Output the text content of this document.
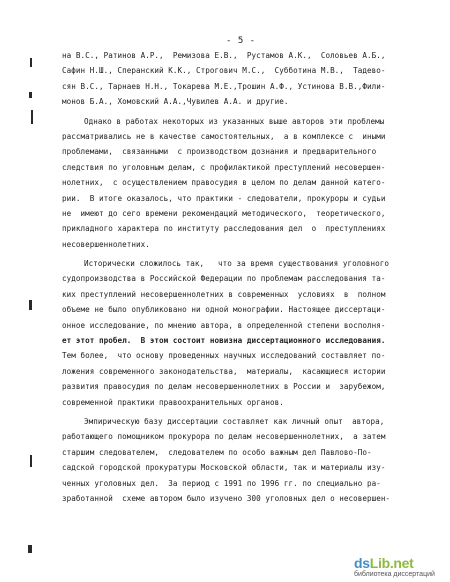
- 5 -
на В.С., Ратинов А.Р.,  Ремизова Е.В.,  Рустамов А.К.,  Соловьев А.Б.,
Сафин Н.Ш., Сперанский К.К., Строгович М.С.,  Субботина М.В.,  Тадево-
сян В.С., Тарнаев Н.Н., Токарева М.Е.,Трошин А.Ф., Устинова В.В.,Фили-
монов Б.А., Хомовский А.А.,Чувилев А.А. и другие.
Однако в работах некоторых из указанных выше авторов эти проблемы
рассматривались не в качестве самостоятельных,  а в комплексе с  иными
проблемами,  связанными  с производством дознания и предварительного
следствия по уголовным делам, с профилактикой преступлений несовершен-
нолетних,  с осуществлением правосудия в целом по делам данной катего-
рии.  В итоге оказалось, что практики - следователи, прокуроры и судьи
не  имеют до сего времени рекомендаций методического,  теоретического,
прикладного характера по институту расследования дел  о  преступлениях
несовершеннолетних.
Исторически сложилось так,   что за время существования уголовного
судопроизводства в Российской Федерации по проблемам расследования та-
ких преступлений несовершеннолетних в современных  условиях  в  полном
объеме не было опубликовано ни одной монографии. Настоящее диссертаци-
онное исследование, по мнению автора, в определенной степени восполня-
ет этот пробел.  В этом состоит новизна диссертационного исследования.
Тем более,  что основу проведенных научных исследований составляет по-
ложения современного законодательства,  материалы,  касающиеся истории
развития правосудия по делам несовершеннолетних в России и  зарубежом,
современной практики правоохранительных органов.
Эмпирическую базу диссертации составляет как личный опыт  автора,
работающего помощником прокурора по делам несовершеннолетних,  а затем
старшим следователем,  следователем по особо важным дел Павлово-По-
садской городской прокуратуры Московской области, так и материалы изу-
ченных уголовных дел.  За период с 1991 по 1996 гг. по специально ра-
зработанной  схеме автором было изучено 300 уголовных дел о несовершен-
dsLib.net
библиотека диссертаций
